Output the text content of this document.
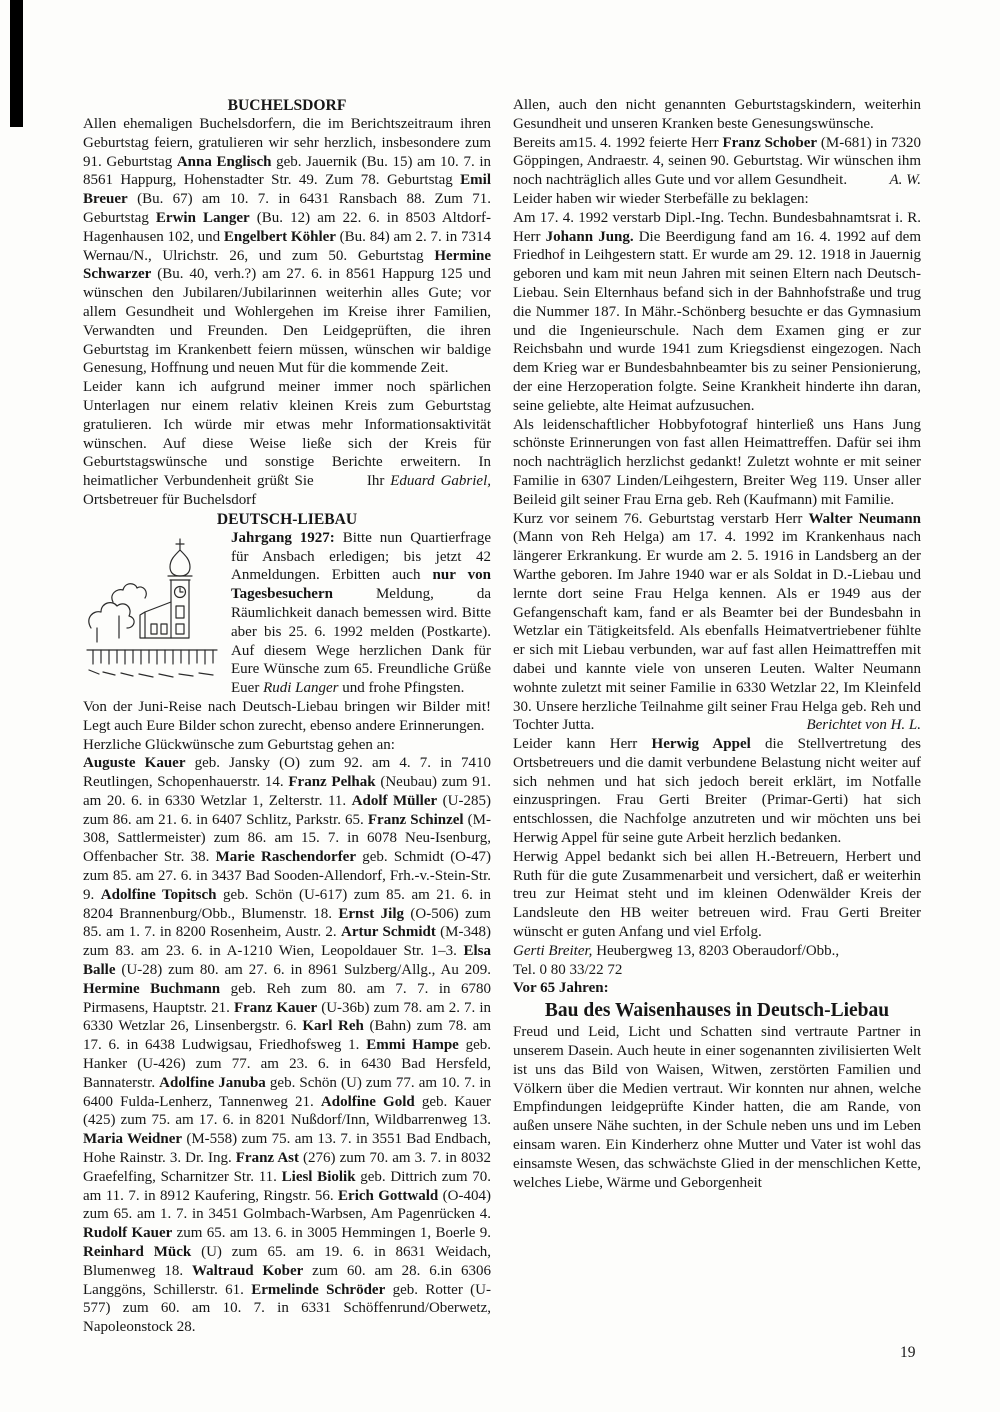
BUCHELSDORF

Allen ehemaligen Buchelsdorfern, die im Berichtszeitraum ihren Geburtstag feiern, gratulieren wir sehr herzlich, insbesondere zum 91. Geburtstag Anna Englisch geb. Jauernik (Bu. 15) am 10. 7. in 8561 Happurg, Hohenstadter Str. 49. Zum 78. Geburtstag Emil Breuer (Bu. 67) am 10. 7. in 6431 Ransbach 88. Zum 71. Geburtstag Erwin Langer (Bu. 12) am 22. 6. in 8503 Altdorf-Hagenhausen 102, und Engelbert Köhler (Bu. 84) am 2. 7. in 7314 Wernau/N., Ulrichstr. 26, und zum 50. Geburtstag Hermine Schwarzer (Bu. 40, verh.?) am 27. 6. in 8561 Happurg 125 und wünschen den Jubilaren/Jubilarinnen weiterhin alles Gute; vor allem Gesundheit und Wohlergehen im Kreise ihrer Familien, Verwandten und Freunden. Den Leidgeprüften, die ihren Geburtstag im Krankenbett feiern müssen, wünschen wir baldige Genesung, Hoffnung und neuen Mut für die kommende Zeit.

Leider kann ich aufgrund meiner immer noch spärlichen Unterlagen nur einem relativ kleinen Kreis zum Geburtstag gratulieren. Ich würde mir etwas mehr Informationsaktivität wünschen. Auf diese Weise ließe sich der Kreis für Geburtstagswünsche und sonstige Berichte erweitern. In heimatlicher Verbundenheit grüßt Sie         Ihr Eduard Gabriel, Ortsbetreuer für Buchelsdorf

DEUTSCH-LIEBAU

Jahrgang 1927: Bitte nun Quartierfrage für Ansbach erledigen; bis jetzt 42 Anmeldungen. Erbitten auch nur von Tagesbesuchern Meldung, da Räumlichkeit danach bemessen wird. Bitte aber bis 25. 6. 1992 melden (Postkarte). Auf diesem Wege herzlichen Dank für Eure Wünsche zum 65. Freundliche Grüße Euer Rudi Langer und frohe Pfingsten.

Von der Juni-Reise nach Deutsch-Liebau bringen wir Bilder mit! Legt auch Eure Bilder schon zurecht, ebenso andere Erinnerungen.

Herzliche Glückwünsche zum Geburtstag gehen an:

Auguste Kauer geb. Jansky (O) zum 92. am 4. 7. in 7410 Reutlingen, Schopenhauerstr. 14. Franz Pelhak (Neubau) zum 91. am 20. 6. in 6330 Wetzlar 1, Zelterstr. 11. Adolf Müller (U-285) zum 86. am 21. 6. in 6407 Schlitz, Parkstr. 65. Franz Schinzel (M-308, Sattlermeister) zum 86. am 15. 7. in 6078 Neu-Isenburg, Offenbacher Str. 38. Marie Raschendorfer geb. Schmidt (O-47) zum 85. am 27. 6. in 3437 Bad Sooden-Allendorf, Frh.-v.-Stein-Str. 9. Adolfine Topitsch geb. Schön (U-617) zum 85. am 21. 6. in 8204 Brannenburg/Obb., Blumenstr. 18. Ernst Jilg (O-506) zum 85. am 1. 7. in 8200 Rosenheim, Austr. 2. Artur Schmidt (M-348) zum 83. am 23. 6. in A-1210 Wien, Leopoldauer Str. 1–3. Elsa Balle (U-28) zum 80. am 27. 6. in 8961 Sulzberg/Allg., Au 209. Hermine Buchmann geb. Reh zum 80. am 7. 7. in 6780 Pirmasens, Hauptstr. 21. Franz Kauer (U-36b) zum 78. am 2. 7. in 6330 Wetzlar 26, Linsenbergstr. 6. Karl Reh (Bahn) zum 78. am 17. 6. in 6438 Ludwigsau, Friedhofsweg 1. Emmi Hampe geb. Hanker (U-426) zum 77. am 23. 6. in 6430 Bad Hersfeld, Bannaterstr. Adolfine Januba geb. Schön (U) zum 77. am 10. 7. in 6400 Fulda-Lenherz, Tannenweg 21. Adolfine Gold geb. Kauer (425) zum 75. am 17. 6. in 8201 Nußdorf/Inn, Wildbarrenweg 13. Maria Weidner (M-558) zum 75. am 13. 7. in 3551 Bad Endbach, Hohe Rainstr. 3. Dr. Ing. Franz Ast (276) zum 70. am 3. 7. in 8032 Graefelfing, Scharnitzer Str. 11. Liesl Biolik geb. Dittrich zum 70. am 11. 7. in 8912 Kaufering, Ringstr. 56. Erich Gottwald (O-404) zum 65. am 1. 7. in 3451 Golmbach-Warbsen, Am Pagenrücken 4. Rudolf Kauer zum 65. am 13. 6. in 3005 Hemmingen 1, Boerle 9. Reinhard Mück (U) zum 65. am 19. 6. in 8631 Weidach, Blumenweg 18. Waltraud Kober zum 60. am 28. 6.in 6306 Langgöns, Schillerstr. 61. Ermelinde Schröder geb. Rotter (U-577) zum 60. am 10. 7. in 6331 Schöffenrund/Oberwetz, Napoleonstock 28.

Allen, auch den nicht genannten Geburtstagskindern, weiterhin Gesundheit und unseren Kranken beste Genesungswünsche.

Bereits am15. 4. 1992 feierte Herr Franz Schober (M-681) in 7320 Göppingen, Andraestr. 4, seinen 90. Geburtstag. Wir wünschen ihm noch nachträglich alles Gute und vor allem Gesundheit.	A. W.

Leider haben wir wieder Sterbefälle zu beklagen:

Am 17. 4. 1992 verstarb Dipl.-Ing. Techn. Bundesbahnamtsrat i. R. Herr Johann Jung. Die Beerdigung fand am 16. 4. 1992 auf dem Friedhof in Leihgestern statt. Er wurde am 29. 12. 1918 in Jauernig geboren und kam mit neun Jahren mit seinen Eltern nach Deutsch-Liebau. Sein Elternhaus befand sich in der Bahnhofstraße und trug die Nummer 187. In Mähr.-Schönberg besuchte er das Gymnasium und die Ingenieurschule. Nach dem Examen ging er zur Reichsbahn und wurde 1941 zum Kriegsdienst eingezogen. Nach dem Krieg war er Bundesbahnbeamter bis zu seiner Pensionierung, der eine Herzoperation folgte. Seine Krankheit hinderte ihn daran, seine geliebte, alte Heimat aufzusuchen.

Als leidenschaftlicher Hobbyfotograf hinterließ uns Hans Jung schönste Erinnerungen von fast allen Heimattreffen. Dafür sei ihm noch nachträglich herzlichst gedankt! Zuletzt wohnte er mit seiner Familie in 6307 Linden/Leihgestern, Breiter Weg 119. Unser aller Beileid gilt seiner Frau Erna geb. Reh (Kaufmann) mit Familie.

Kurz vor seinem 76. Geburtstag verstarb Herr Walter Neumann (Mann von Reh Helga) am 17. 4. 1992 im Krankenhaus nach längerer Erkrankung. Er wurde am 2. 5. 1916 in Landsberg an der Warthe geboren. Im Jahre 1940 war er als Soldat in D.-Liebau und lernte dort seine Frau Helga kennen. Als er 1949 aus der Gefangenschaft kam, fand er als Beamter bei der Bundesbahn in Wetzlar ein Tätigkeitsfeld. Als ebenfalls Heimatvertriebener fühlte er sich mit Liebau verbunden, war auf fast allen Heimattreffen mit dabei und kannte viele von unseren Leuten. Walter Neumann wohnte zuletzt mit seiner Familie in 6330 Wetzlar 22, Im Kleinfeld 30. Unsere herzliche Teilnahme gilt seiner Frau Helga geb. Reh und Tochter Jutta.	Berichtet von H. L.

Leider kann Herr Herwig Appel die Stellvertretung des Ortsbetreuers und die damit verbundene Belastung nicht weiter auf sich nehmen und hat sich jedoch bereit erklärt, im Notfalle einzuspringen. Frau Gerti Breiter (Primar-Gerti) hat sich entschlossen, die Nachfolge anzutreten und wir möchten uns bei Herwig Appel für seine gute Arbeit herzlich bedanken.

Herwig Appel bedankt sich bei allen H.-Betreuern, Herbert und Ruth für die gute Zusammenarbeit und versichert, daß er weiterhin treu zur Heimat steht und im kleinen Odenwälder Kreis der Landsleute den HB weiter betreuen wird. Frau Gerti Breiter wünscht er guten Anfang und viel Erfolg.

Gerti Breiter, Heubergweg 13, 8203 Oberaudorf/Obb.,

Tel. 0 80 33/22 72

Vor 65 Jahren:

Bau des Waisenhauses in Deutsch-Liebau

Freud und Leid, Licht und Schatten sind vertraute Partner in unserem Dasein. Auch heute in einer sogenannten zivilisierten Welt ist uns das Bild von Waisen, Witwen, zerstörten Familien und Völkern über die Medien vertraut. Wir konnten nur ahnen, welche Empfindungen leidgeprüfte Kinder hatten, die am Rande, von außen unsere Nähe suchten, in der Schule neben uns und im Leben einsam waren. Ein Kinderherz ohne Mutter und Vater ist wohl das einsamste Wesen, das schwächste Glied in der menschlichen Kette, welches Liebe, Wärme und Geborgenheit

19
